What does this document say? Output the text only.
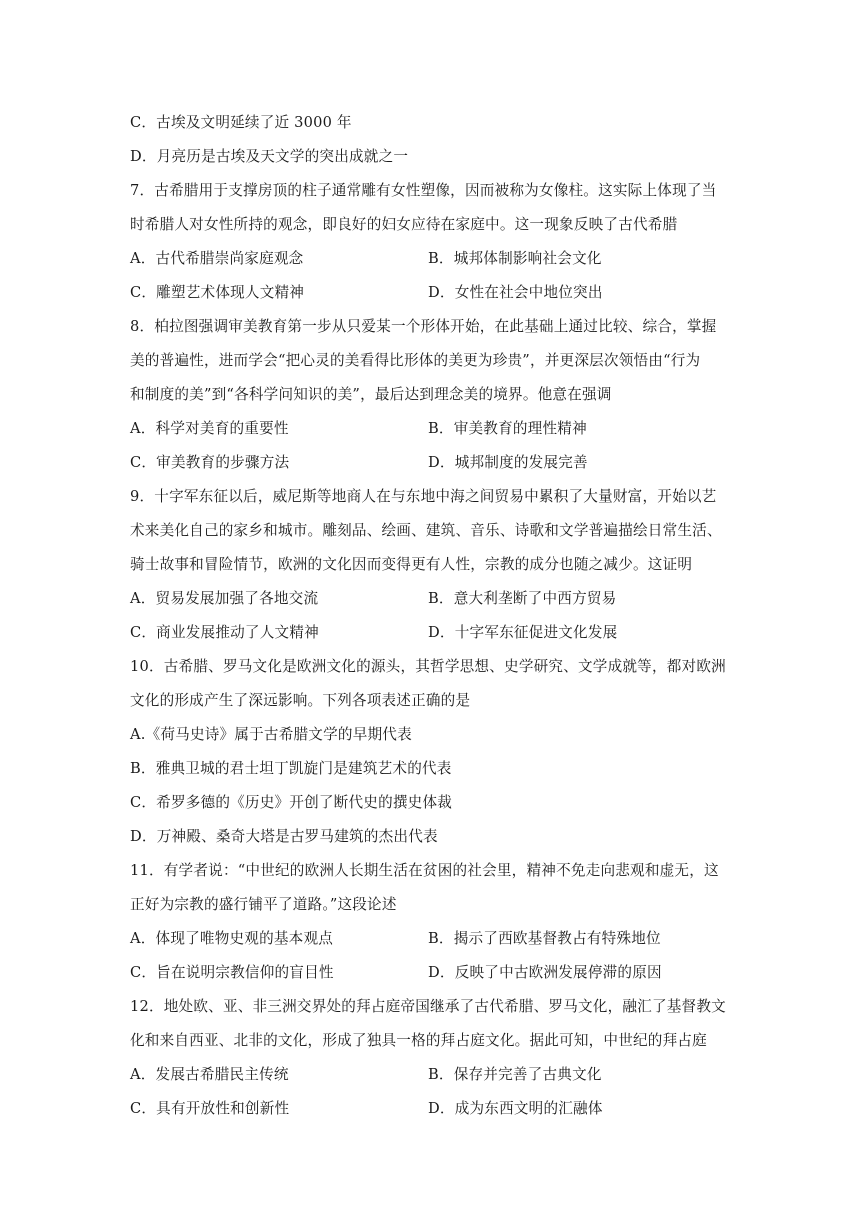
C．古埃及文明延续了近 3000 年
D．月亮历是古埃及天文学的突出成就之一
7．古希腊用于支撑房顶的柱子通常雕有女性塑像，因而被称为女像柱。这实际上体现了当
时希腊人对女性所持的观念，即良好的妇女应待在家庭中。这一现象反映了古代希腊
A．古代希腊崇尚家庭观念	B．城邦体制影响社会文化
C．雕塑艺术体现人文精神	D．女性在社会中地位突出
8．柏拉图强调审美教育第一步从只爱某一个形体开始，在此基础上通过比较、综合，掌握
美的普遍性，进而学会“把心灵的美看得比形体的美更为珍贵”，并更深层次领悟由“行为
和制度的美”到“各科学问知识的美”，最后达到理念美的境界。他意在强调
A．科学对美育的重要性	B．审美教育的理性精神
C．审美教育的步骤方法	D．城邦制度的发展完善
9．十字军东征以后，威尼斯等地商人在与东地中海之间贸易中累积了大量财富，开始以艺
术来美化自己的家乡和城市。雕刻品、绘画、建筑、音乐、诗歌和文学普遍描绘日常生活、
骑士故事和冒险情节，欧洲的文化因而变得更有人性，宗教的成分也随之减少。这证明
A．贸易发展加强了各地交流	B．意大利垄断了中西方贸易
C．商业发展推动了人文精神	D．十字军东征促进文化发展
10．古希腊、罗马文化是欧洲文化的源头，其哲学思想、史学研究、文学成就等，都对欧洲
文化的形成产生了深远影响。下列各项表述正确的是
A.《荷马史诗》属于古希腊文学的早期代表
B．雅典卫城的君士坦丁凯旋门是建筑艺术的代表
C．希罗多德的《历史》开创了断代史的撰史体裁
D．万神殿、桑奇大塔是古罗马建筑的杰出代表
11．有学者说：“中世纪的欧洲人长期生活在贫困的社会里，精神不免走向悲观和虚无，这
正好为宗教的盛行铺平了道路。”这段论述
A．体现了唯物史观的基本观点	B．揭示了西欧基督教占有特殊地位
C．旨在说明宗教信仰的盲目性	D．反映了中古欧洲发展停滞的原因
12．地处欧、亚、非三洲交界处的拜占庭帝国继承了古代希腊、罗马文化，融汇了基督教文
化和来自西亚、北非的文化，形成了独具一格的拜占庭文化。据此可知，中世纪的拜占庭
A．发展古希腊民主传统	B．保存并完善了古典文化
C．具有开放性和创新性	D．成为东西文明的汇融体
